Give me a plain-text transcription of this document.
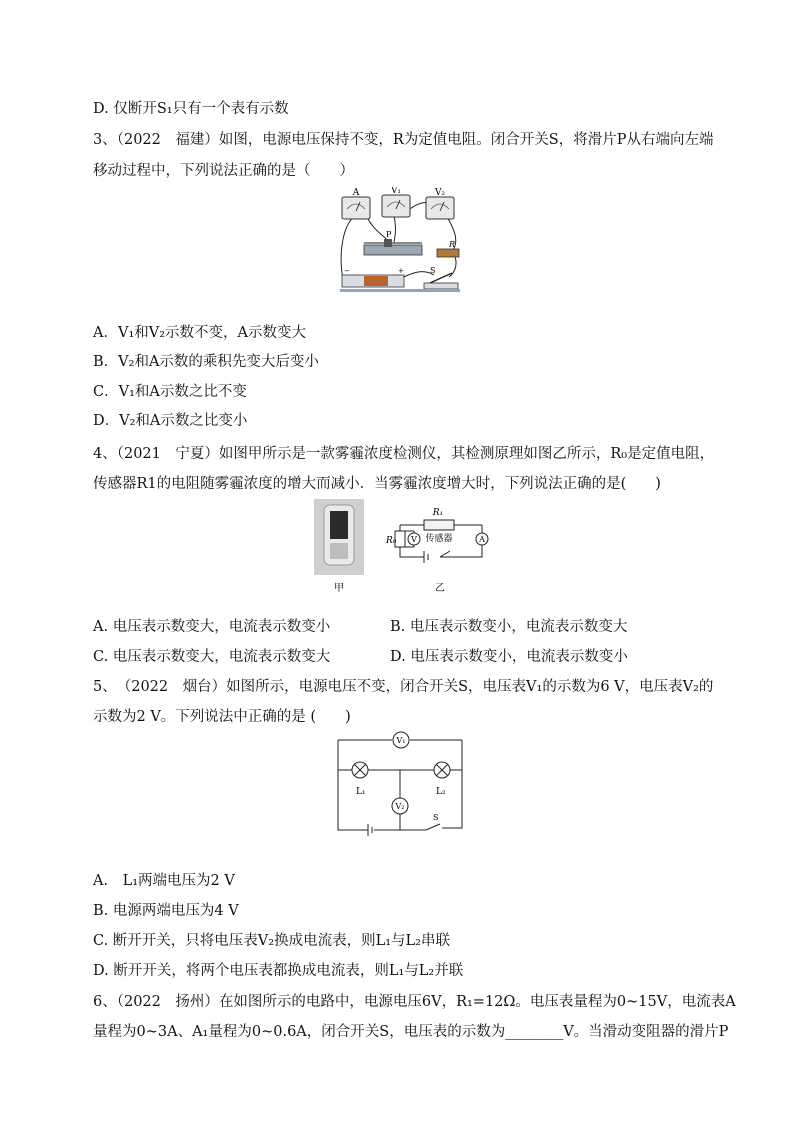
D. 仅断开S₁只有一个表有示数
3、（2022　福建）如图，电源电压保持不变，R为定值电阻。闭合开关S，将滑片P从右端向左端
移动过程中，下列说法正确的是（　　）
A	V₁	V₂
P
R
+
−	S
A．V₁和V₂示数不变，A示数变大
B．V₂和A示数的乘积先变大后变小
C．V₁和A示数之比不变
D．V₂和A示数之比变小
4、（2021　宁夏）如图甲所示是一款雾霾浓度检测仪，其检测原理如图乙所示，R₀是定值电阻，
传感器R1的电阻随雾霾浓度的增大而减小．当雾霾浓度增大时，下列说法正确的是(　　)
V	A
R₁
传感器
R₀
甲	乙
A. 电压表示数变大，电流表示数变小	B. 电压表示数变小，电流表示数变大
C. 电压表示数变大，电流表示数变大	D. 电压表示数变小，电流表示数变小
5、　（2022　烟台）如图所示，电源电压不变，闭合开关S，电压表V₁的示数为6 V，电压表V₂的
示数为2 V。下列说法中正确的是 (　　)
V₁
V₂
L₁	L₂
S
A.　L₁两端电压为2 V
B. 电源两端电压为4 V
C. 断开开关，只将电压表V₂换成电流表，则L₁与L₂串联
D. 断开开关，将两个电压表都换成电流表，则L₁与L₂并联
6、（2022　扬州）在如图所示的电路中，电源电压6V，R₁=12Ω。电压表量程为0~15V，电流表A
量程为0~3A、A₁量程为0~0.6A，闭合开关S，电压表的示数为________V。当滑动变阻器的滑片P
